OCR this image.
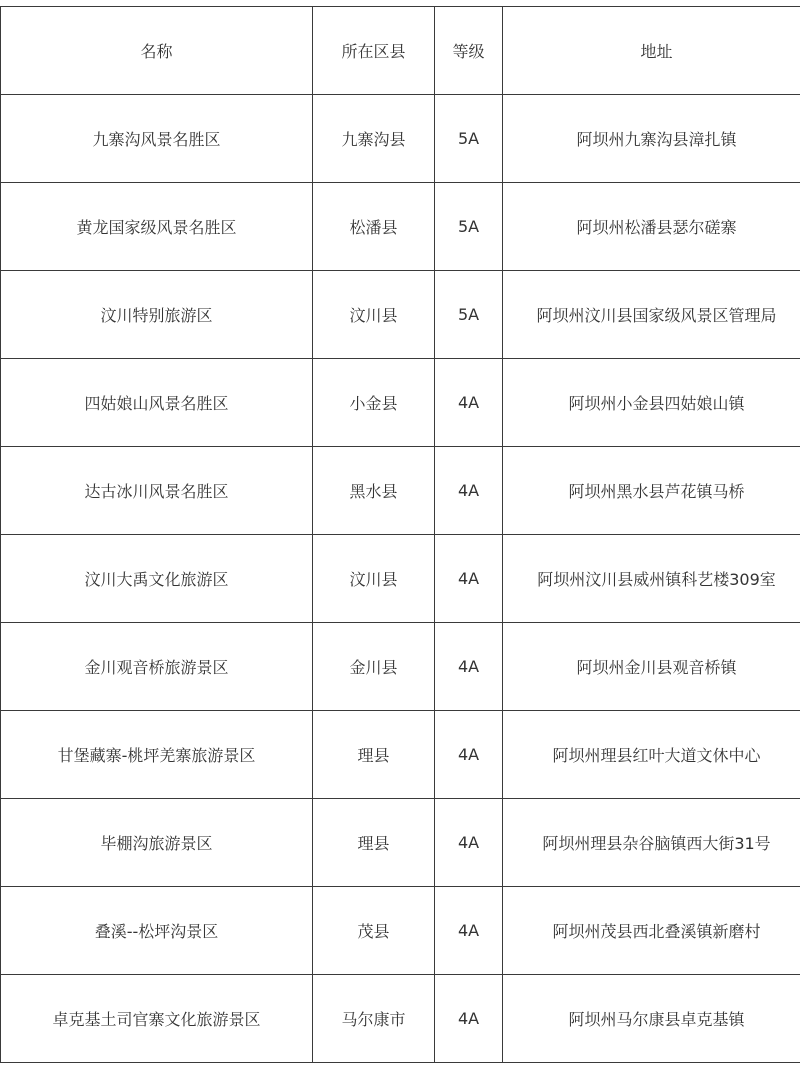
名称	所在区县	等级	地址
九寨沟风景名胜区	九寨沟县	5A	阿坝州九寨沟县漳扎镇
黄龙国家级风景名胜区	松潘县	5A	阿坝州松潘县瑟尔磋寨
汶川特别旅游区	汶川县	5A	阿坝州汶川县国家级风景区管理局
四姑娘山风景名胜区	小金县	4A	阿坝州小金县四姑娘山镇
达古冰川风景名胜区	黑水县	4A	阿坝州黑水县芦花镇马桥
汶川大禹文化旅游区	汶川县	4A	阿坝州汶川县威州镇科艺楼309室
金川观音桥旅游景区	金川县	4A	阿坝州金川县观音桥镇
甘堡藏寨-桃坪羌寨旅游景区	理县	4A	阿坝州理县红叶大道文休中心
毕棚沟旅游景区	理县	4A	阿坝州理县杂谷脑镇西大街31号
叠溪--松坪沟景区	茂县	4A	阿坝州茂县西北叠溪镇新磨村
卓克基土司官寨文化旅游景区	马尔康市	4A	阿坝州马尔康县卓克基镇
